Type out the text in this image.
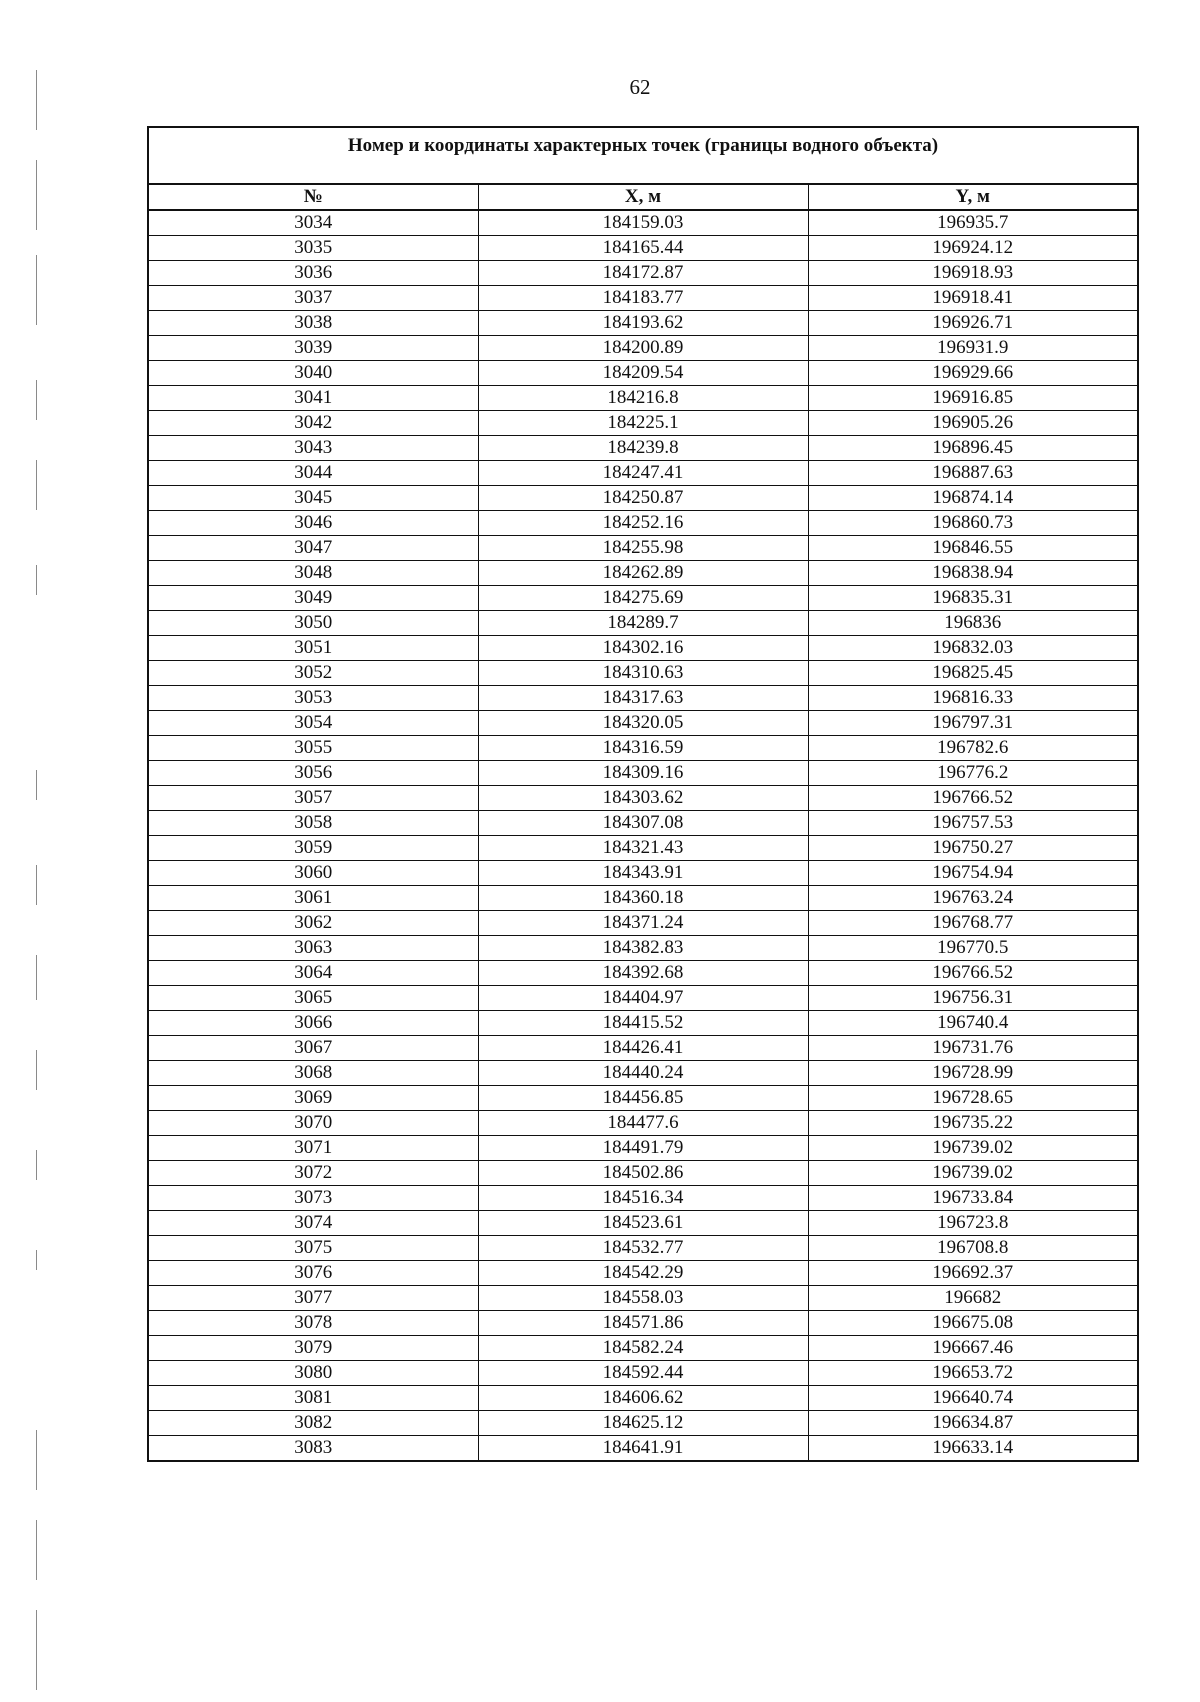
62
Номер и координаты характерных точек (границы водного объекта)		
№	X, м	Y, м
3034	184159.03	196935.7
3035	184165.44	196924.12
3036	184172.87	196918.93
3037	184183.77	196918.41
3038	184193.62	196926.71
3039	184200.89	196931.9
3040	184209.54	196929.66
3041	184216.8	196916.85
3042	184225.1	196905.26
3043	184239.8	196896.45
3044	184247.41	196887.63
3045	184250.87	196874.14
3046	184252.16	196860.73
3047	184255.98	196846.55
3048	184262.89	196838.94
3049	184275.69	196835.31
3050	184289.7	196836
3051	184302.16	196832.03
3052	184310.63	196825.45
3053	184317.63	196816.33
3054	184320.05	196797.31
3055	184316.59	196782.6
3056	184309.16	196776.2
3057	184303.62	196766.52
3058	184307.08	196757.53
3059	184321.43	196750.27
3060	184343.91	196754.94
3061	184360.18	196763.24
3062	184371.24	196768.77
3063	184382.83	196770.5
3064	184392.68	196766.52
3065	184404.97	196756.31
3066	184415.52	196740.4
3067	184426.41	196731.76
3068	184440.24	196728.99
3069	184456.85	196728.65
3070	184477.6	196735.22
3071	184491.79	196739.02
3072	184502.86	196739.02
3073	184516.34	196733.84
3074	184523.61	196723.8
3075	184532.77	196708.8
3076	184542.29	196692.37
3077	184558.03	196682
3078	184571.86	196675.08
3079	184582.24	196667.46
3080	184592.44	196653.72
3081	184606.62	196640.74
3082	184625.12	196634.87
3083	184641.91	196633.14
